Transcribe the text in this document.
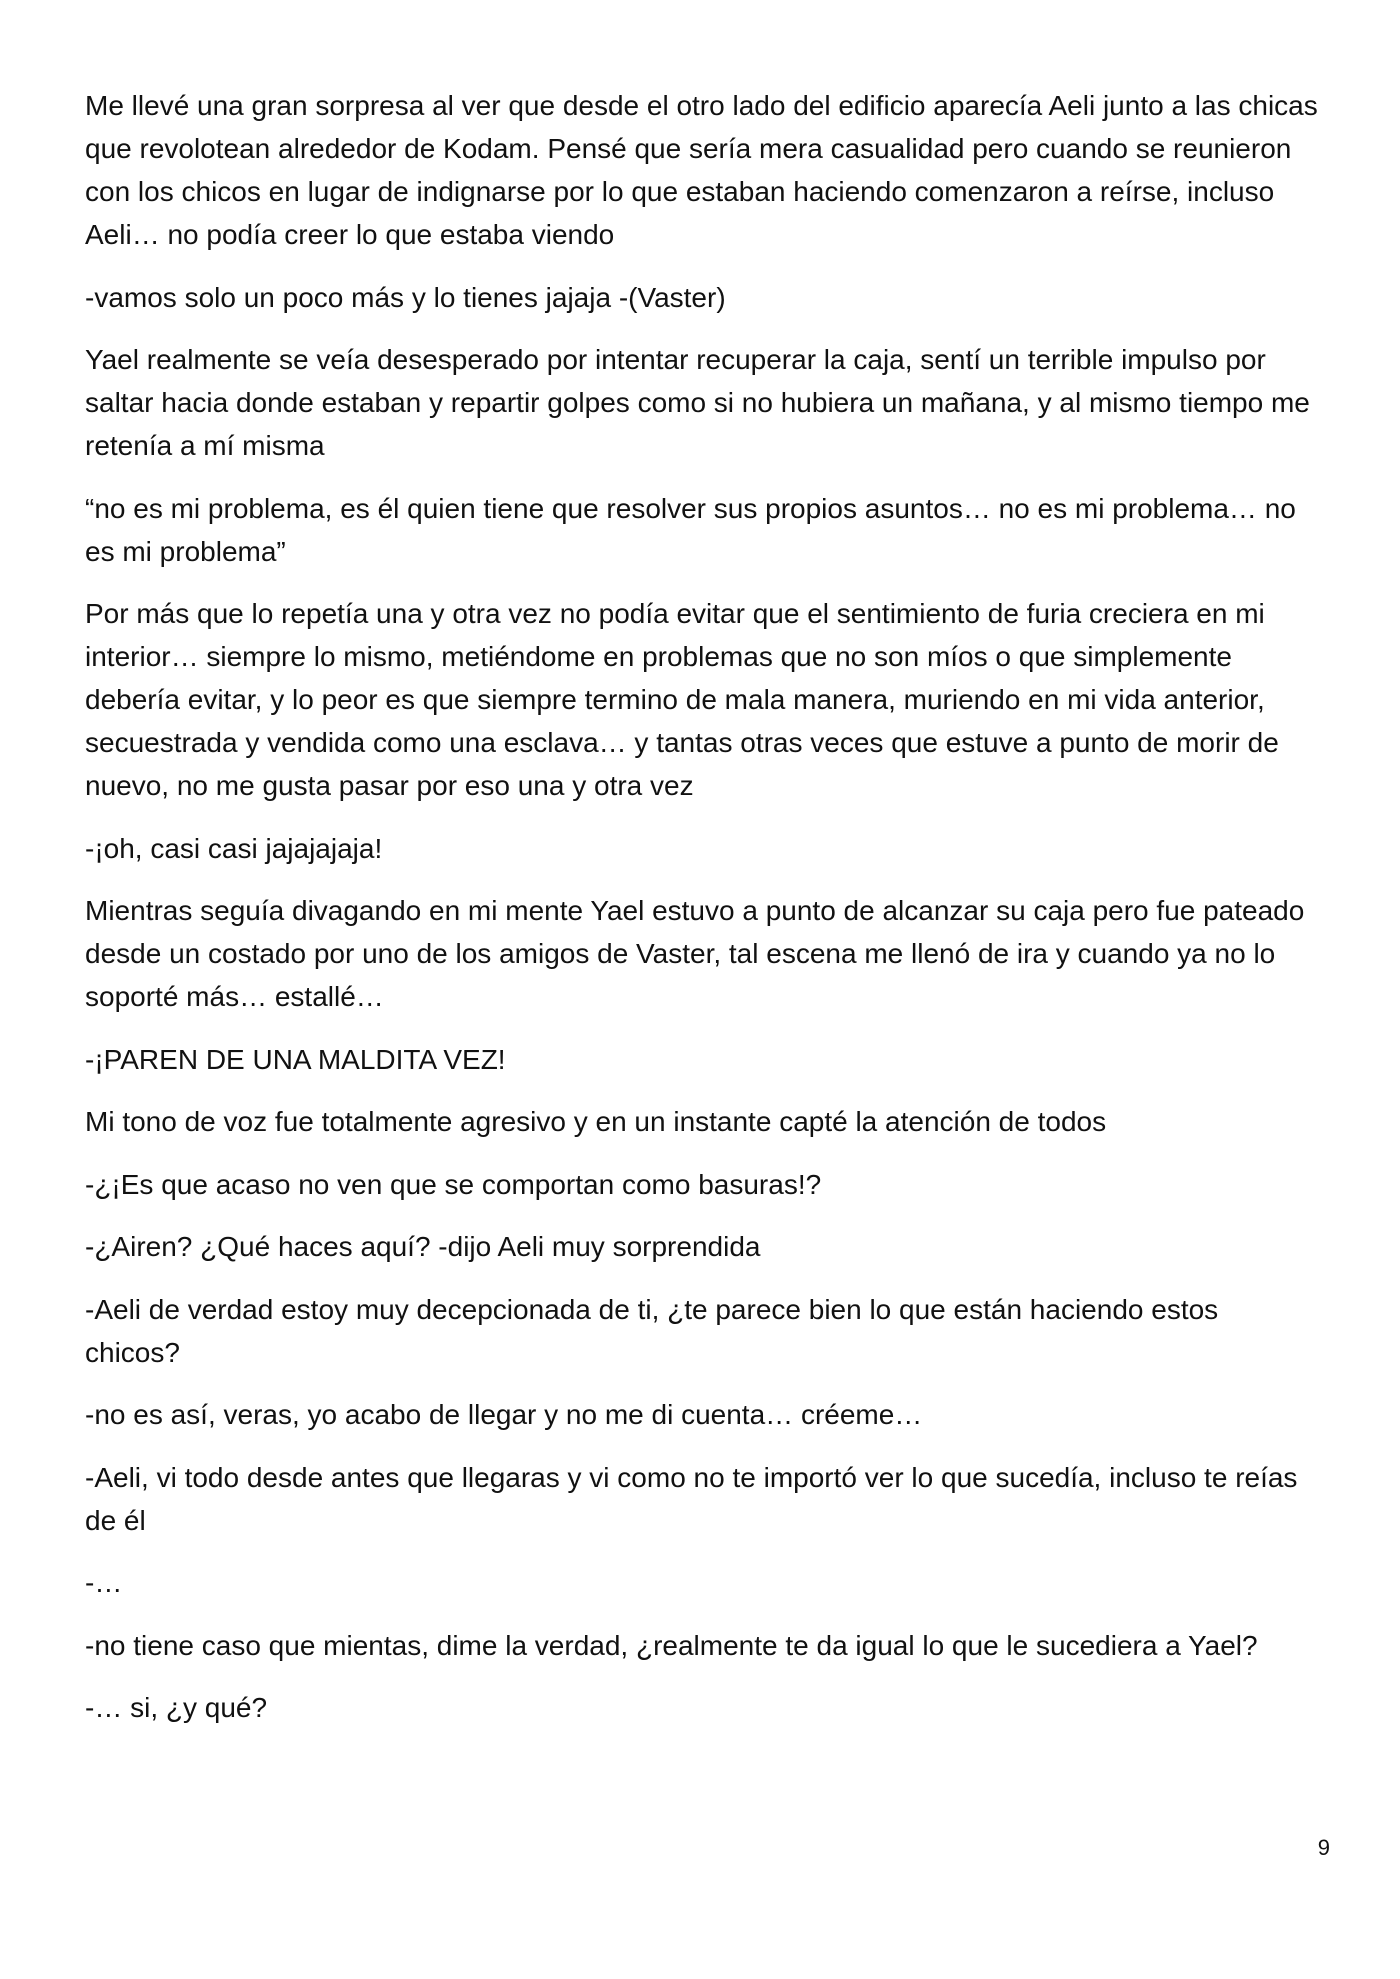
Me llevé una gran sorpresa al ver que desde el otro lado del edificio aparecía Aeli junto a las chicas que revolotean alrededor de Kodam. Pensé que sería mera casualidad pero cuando se reunieron con los chicos en lugar de indignarse por lo que estaban haciendo comenzaron a reírse, incluso Aeli… no podía creer lo que estaba viendo

-vamos solo un poco más y lo tienes jajaja -(Vaster)

Yael realmente se veía desesperado por intentar recuperar la caja, sentí un terrible impulso por saltar hacia donde estaban y repartir golpes como si no hubiera un mañana, y al mismo tiempo me retenía a mí misma

“no es mi problema, es él quien tiene que resolver sus propios asuntos… no es mi problema… no es mi problema”

Por más que lo repetía una y otra vez no podía evitar que el sentimiento de furia creciera en mi interior… siempre lo mismo, metiéndome en problemas que no son míos o que simplemente debería evitar, y lo peor es que siempre termino de mala manera, muriendo en mi vida anterior, secuestrada y vendida como una esclava… y tantas otras veces que estuve a punto de morir de nuevo, no me gusta pasar por eso una y otra vez

-¡oh, casi casi jajajajaja!

Mientras seguía divagando en mi mente Yael estuvo a punto de alcanzar su caja pero fue pateado desde un costado por uno de los amigos de Vaster, tal escena me llenó de ira y cuando ya no lo soporté más… estallé…

-¡PAREN DE UNA MALDITA VEZ!

Mi tono de voz fue totalmente agresivo y en un instante capté la atención de todos

-¿¡Es que acaso no ven que se comportan como basuras!?

-¿Airen? ¿Qué haces aquí? -dijo Aeli muy sorprendida

-Aeli de verdad estoy muy decepcionada de ti, ¿te parece bien lo que están haciendo estos chicos?

-no es así, veras, yo acabo de llegar y no me di cuenta… créeme…

-Aeli, vi todo desde antes que llegaras y vi como no te importó ver lo que sucedía, incluso te reías de él

-…

-no tiene caso que mientas, dime la verdad, ¿realmente te da igual lo que le sucediera a Yael?

-… si, ¿y qué?

9
